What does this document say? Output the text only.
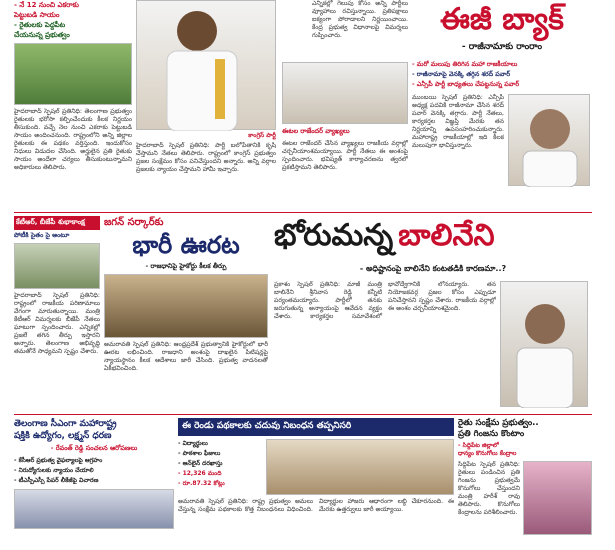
- నే 12 నుంచి ఎకరాకు
పెట్టుబడి సాయం
- రైతులకు పెద్దపీట
చేయనున్న ప్రభుత్వం
హైదరాబాద్ స్పెషల్ ప్రతినిధి: తెలంగాణ ప్రభుత్వం రైతులకు భరోసా కల్పించేందుకు కీలక నిర్ణయం తీసుకుంది. వచ్చే నెల నుంచి ఎకరాకు పెట్టుబడి సాయం అందించనుంది. రాష్ట్రంలోని అన్ని జిల్లాల రైతులకు ఈ పథకం వర్తిస్తుంది. ఇందుకోసం నిధులు విడుదల చేసింది. అర్హులైన ప్రతి రైతుకు సాయం అందేలా చర్యలు తీసుకుంటున్నామని అధికారులు తెలిపారు.
కాంగ్రెస్ పార్టీ
హైదరాబాద్ స్పెషల్ ప్రతినిధి: పార్టీ బలోపేతానికి కృషి చేస్తామని నేతలు తెలిపారు. రాష్ట్రంలో కాంగ్రెస్ ప్రభుత్వం ప్రజల సంక్షేమం కోసం పనిచేస్తుందని అన్నారు. అన్ని వర్గాల ప్రజలకు న్యాయం చేస్తామని హామీ ఇచ్చారు.
ఎన్నికల్లో గెలుపు కోసం అన్ని పార్టీలు వ్యూహాలు రచిస్తున్నాయి. ప్రతిపక్షాలు ఐక్యంగా పోరాడాలని నిర్ణయించాయి. కేంద్ర ప్రభుత్వ విధానాలపై విమర్శలు గుప్పించారు.
ఈటల రాజేందర్ వ్యాఖ్యలు
ఈటల రాజేందర్ చేసిన వ్యాఖ్యలు రాజకీయ వర్గాల్లో చర్చనీయాంశమయ్యాయి. పార్టీ నేతలు ఈ అంశంపై స్పందించారు. భవిష్యత్ కార్యాచరణను త్వరలో ప్రకటిస్తామని తెలిపారు.
ఈజీ బ్యాక్
- రాజీనామాకు రాంరాం
- మరో మలుపు తిరిగిన మహా రాజకీయాలు
- రాజీనామాపై వెనక్కి తగ్గిన శరద్ పవార్
- ఎన్సీపీ పార్టీ బాధ్యతలు చేపట్టనున్న పవార్
ముంబయి స్పెషల్ ప్రతినిధి: ఎన్సీపీ అధ్యక్ష పదవికి రాజీనామా చేసిన శరద్ పవార్ వెనక్కి తగ్గారు. పార్టీ నేతలు, కార్యకర్తల విజ్ఞప్తి మేరకు తన నిర్ణయాన్ని ఉపసంహరించుకున్నారు. మహారాష్ట్ర రాజకీయాల్లో ఇది కీలక మలుపుగా భావిస్తున్నారు.
కేటీఆర్, బీజేపీ శుభాకాంక్ష
పోటీకి సైతం సై అంటూ
హైదరాబాద్ స్పెషల్ ప్రతినిధి: రాష్ట్రంలో రాజకీయ పరిణామాలు వేగంగా మారుతున్నాయి. మంత్రి కేటీఆర్ విమర్శలకు బీజేపీ నేతలు ఘాటుగా స్పందించారు. ఎన్నికల్లో ప్రజలే తగిన తీర్పు ఇస్తారని అన్నారు. తెలంగాణ అభివృద్ధి తమతోనే సాధ్యమని స్పష్టం చేశారు.
జగన్ సర్కార్‌కు
భారీ ఊరట
- రాజధానిపై హైకోర్టు కీలక తీర్పు
అమరావతి స్పెషల్ ప్రతినిధి: ఆంధ్రప్రదేశ్ ప్రభుత్వానికి హైకోర్టులో భారీ ఊరట లభించింది. రాజధాని అంశంపై దాఖలైన పిటిషన్లపై న్యాయస్థానం కీలక ఆదేశాలు జారీ చేసింది. ప్రభుత్వ వాదనలతో ఏకీభవించింది.
భోరుమన్న బాలినేని
- అధిష్టానంపై బాలినేని కంటతడికి కారణమా..?
ప్రకాశం స్పెషల్ ప్రతినిధి: మాజీ మంత్రి బాలినేని శ్రీనివాస రెడ్డి కన్నీటి పర్యంతమయ్యారు. పార్టీలో తనకు జరుగుతున్న అన్యాయంపై ఆవేదన వ్యక్తం చేశారు. కార్యకర్తల సమావేశంలో భావోద్వేగానికి లోనయ్యారు. తన నియోజకవర్గ ప్రజల కోసం ఎప్పుడూ పనిచేస్తానని స్పష్టం చేశారు. రాజకీయ వర్గాల్లో ఈ అంశం చర్చనీయాంశమైంది.
తెలంగాణ సీఎంగా మహారాష్ట్ర
షక్తికి ఉద్యోగం, లక్ష్మన్ ధరణ
- రేవంత్ రెడ్డి సంచలన ఆరోపణలు
- కేసీఆర్ ప్రభుత్వ వైఫల్యాలపై ఆగ్రహం
- నిరుద్యోగులకు న్యాయం చేయాలి
- టీఎస్పీఎస్సీ పేపర్ లీకేజీపై విచారణ
ఈ రెండు పథకాలకు చదువు నిబంధన తప్పనిసరి
- విద్యార్థులు
- పాఠశాల ఫీజులు
- ఆన్‌లైన్ దరఖాస్తు
- 12,326 మంది
- రూ.87.32 కోట్లు
అమరావతి స్పెషల్ ప్రతినిధి: రాష్ట్ర ప్రభుత్వం అమలు చేస్తున్న సంక్షేమ పథకాలకు కొత్త నిబంధనలు విధించింది. విద్యార్థుల హాజరు ఆధారంగా లబ్ధి చేకూరనుంది. ఈ మేరకు ఉత్తర్వులు జారీ అయ్యాయి.
రైతు సంక్షేమ ప్రభుత్వం..
ప్రతి గింజను కొంటాం
- సిద్దిపేట జిల్లాలో
ధాన్యం కొనుగోలు కేంద్రాల
సిద్దిపేట స్పెషల్ ప్రతినిధి: రైతులు పండించిన ప్రతి గింజను ప్రభుత్వమే కొనుగోలు చేస్తుందని మంత్రి హరీశ్ రావు తెలిపారు. కొనుగోలు కేంద్రాలను పరిశీలించారు.
